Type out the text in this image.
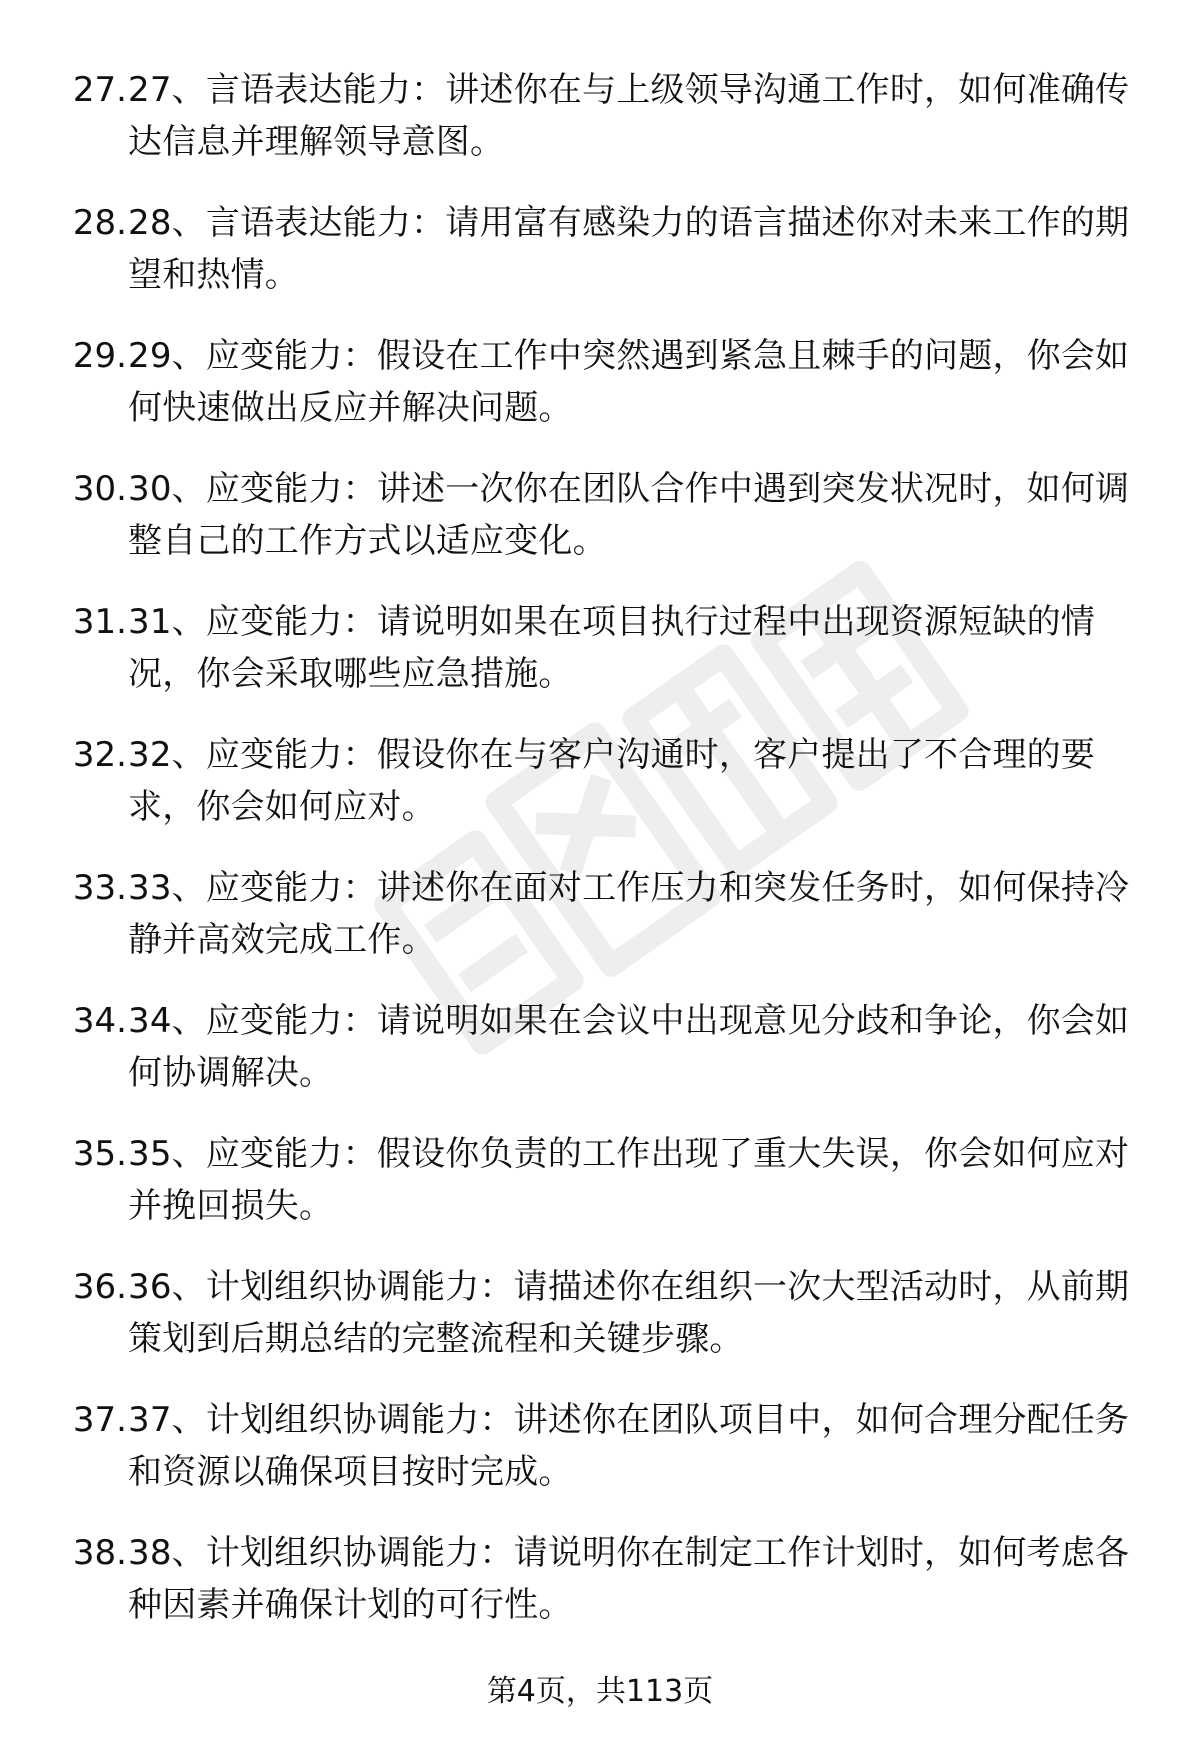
27. 27、言语表达能力：讲述你在与上级领导沟通工作时，如何准确传达信息并理解领导意图。
28. 28、言语表达能力：请用富有感染力的语言描述你对未来工作的期望和热情。
29. 29、应变能力：假设在工作中突然遇到紧急且棘手的问题，你会如何快速做出反应并解决问题。
30. 30、应变能力：讲述一次你在团队合作中遇到突发状况时，如何调整自己的工作方式以适应变化。
31. 31、应变能力：请说明如果在项目执行过程中出现资源短缺的情况，你会采取哪些应急措施。
32. 32、应变能力：假设你在与客户沟通时，客户提出了不合理的要求，你会如何应对。
33. 33、应变能力：讲述你在面对工作压力和突发任务时，如何保持冷静并高效完成工作。
34. 34、应变能力：请说明如果在会议中出现意见分歧和争论，你会如何协调解决。
35. 35、应变能力：假设你负责的工作出现了重大失误，你会如何应对并挽回损失。
36. 36、计划组织协调能力：请描述你在组织一次大型活动时，从前期策划到后期总结的完整流程和关键步骤。
37. 37、计划组织协调能力：讲述你在团队项目中，如何合理分配任务和资源以确保项目按时完成。
38. 38、计划组织协调能力：请说明你在制定工作计划时，如何考虑各种因素并确保计划的可行性。
第4页，共113页
